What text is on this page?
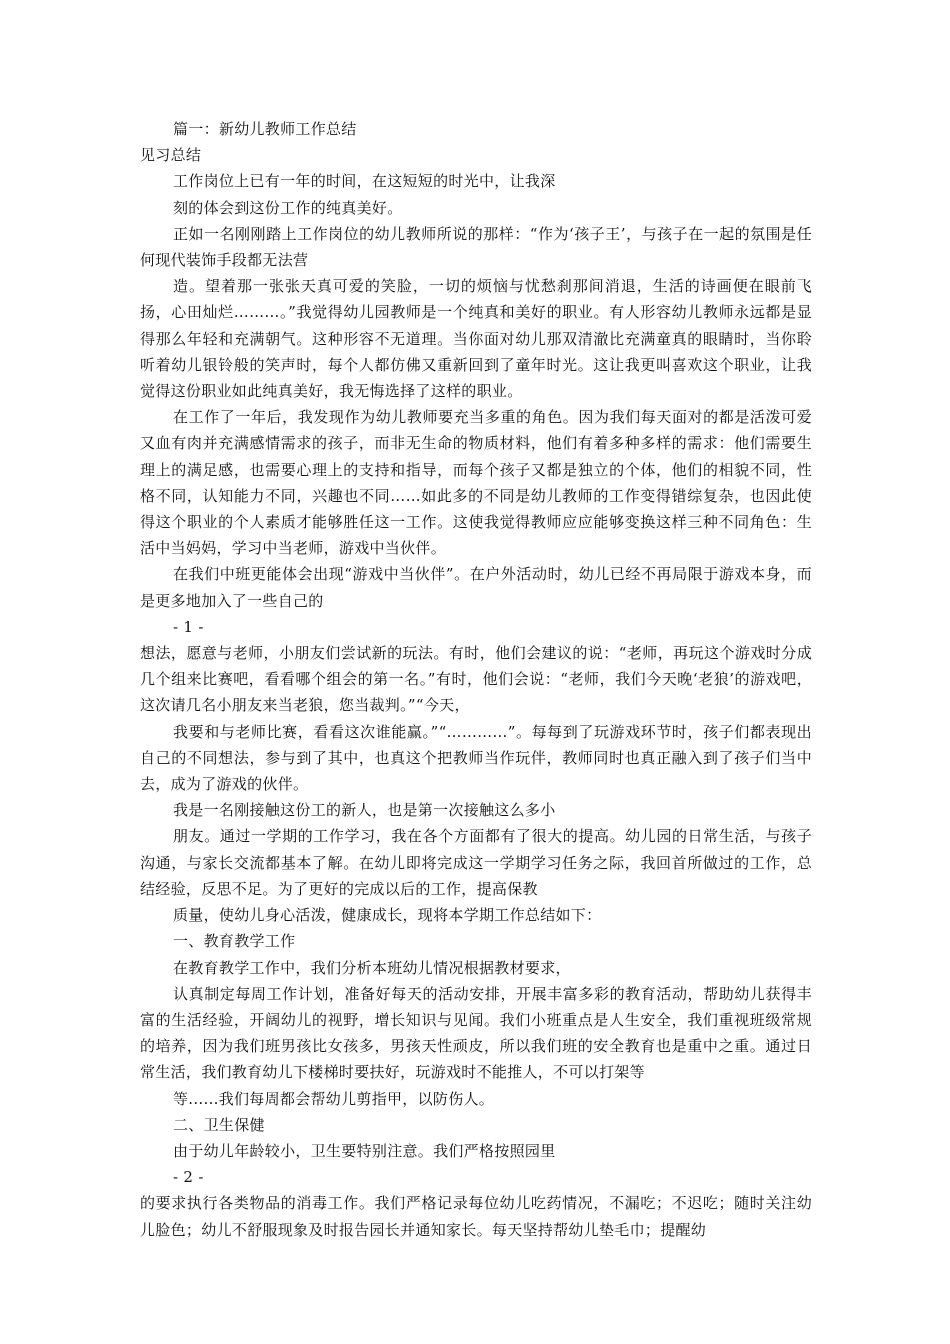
篇一：新幼儿教师工作总结

见习总结

工作岗位上已有一年的时间，在这短短的时光中，让我深

刻的体会到这份工作的纯真美好。

正如一名刚刚踏上工作岗位的幼儿教师所说的那样：“作为‘孩子王’，与孩子在一起的氛围是任何现代装饰手段都无法营

造。望着那一张张天真可爱的笑脸，一切的烦恼与忧愁刹那间消退，生活的诗画便在眼前飞扬，心田灿烂………。”我觉得幼儿园教师是一个纯真和美好的职业。有人形容幼儿教师永远都是显得那么年轻和充满朝气。这种形容不无道理。当你面对幼儿那双清澈比充满童真的眼睛时，当你聆听着幼儿银铃般的笑声时，每个人都仿佛又重新回到了童年时光。这让我更叫喜欢这个职业，让我觉得这份职业如此纯真美好，我无悔选择了这样的职业。

在工作了一年后，我发现作为幼儿教师要充当多重的角色。因为我们每天面对的都是活泼可爱又血有肉并充满感情需求的孩子，而非无生命的物质材料，他们有着多种多样的需求：他们需要生理上的满足感，也需要心理上的支持和指导，而每个孩子又都是独立的个体，他们的相貌不同，性格不同，认知能力不同，兴趣也不同……如此多的不同是幼儿教师的工作变得错综复杂，也因此使得这个职业的个人素质才能够胜任这一工作。这使我觉得教师应应能够变换这样三种不同角色：生活中当妈妈，学习中当老师，游戏中当伙伴。

在我们中班更能体会出现“游戏中当伙伴”。在户外活动时，幼儿已经不再局限于游戏本身，而是更多地加入了一些自己的

- 1 -

想法，愿意与老师，小朋友们尝试新的玩法。有时，他们会建议的说：“老师，再玩这个游戏时分成几个组来比赛吧，看看哪个组会的第一名。”有时，他们会说：“老师，我们今天晚‘老狼’的游戏吧，这次请几名小朋友来当老狼，您当裁判。”“今天，

我要和与老师比赛，看看这次谁能赢。”“…………”。每每到了玩游戏环节时，孩子们都表现出自己的不同想法，参与到了其中，也真这个把教师当作玩伴，教师同时也真正融入到了孩子们当中去，成为了游戏的伙伴。

我是一名刚接触这份工的新人，也是第一次接触这么多小

朋友。通过一学期的工作学习，我在各个方面都有了很大的提高。幼儿园的日常生活，与孩子沟通，与家长交流都基本了解。在幼儿即将完成这一学期学习任务之际，我回首所做过的工作，总结经验，反思不足。为了更好的完成以后的工作，提高保教

质量，使幼儿身心活泼，健康成长，现将本学期工作总结如下：

一、教育教学工作

在教育教学工作中，我们分析本班幼儿情况根据教材要求，

认真制定每周工作计划，准备好每天的活动安排，开展丰富多彩的教育活动，帮助幼儿获得丰富的生活经验，开阔幼儿的视野，增长知识与见闻。我们小班重点是人生安全，我们重视班级常规的培养，因为我们班男孩比女孩多，男孩天性顽皮，所以我们班的安全教育也是重中之重。通过日常生活，我们教育幼儿下楼梯时要扶好，玩游戏时不能推人，不可以打架等

等......我们每周都会帮幼儿剪指甲，以防伤人。

二、卫生保健

由于幼儿年龄较小，卫生要特别注意。我们严格按照园里

- 2 -

的要求执行各类物品的消毒工作。我们严格记录每位幼儿吃药情况，不漏吃；不迟吃；随时关注幼儿脸色；幼儿不舒服现象及时报告园长并通知家长。每天坚持帮幼儿垫毛巾；提醒幼
